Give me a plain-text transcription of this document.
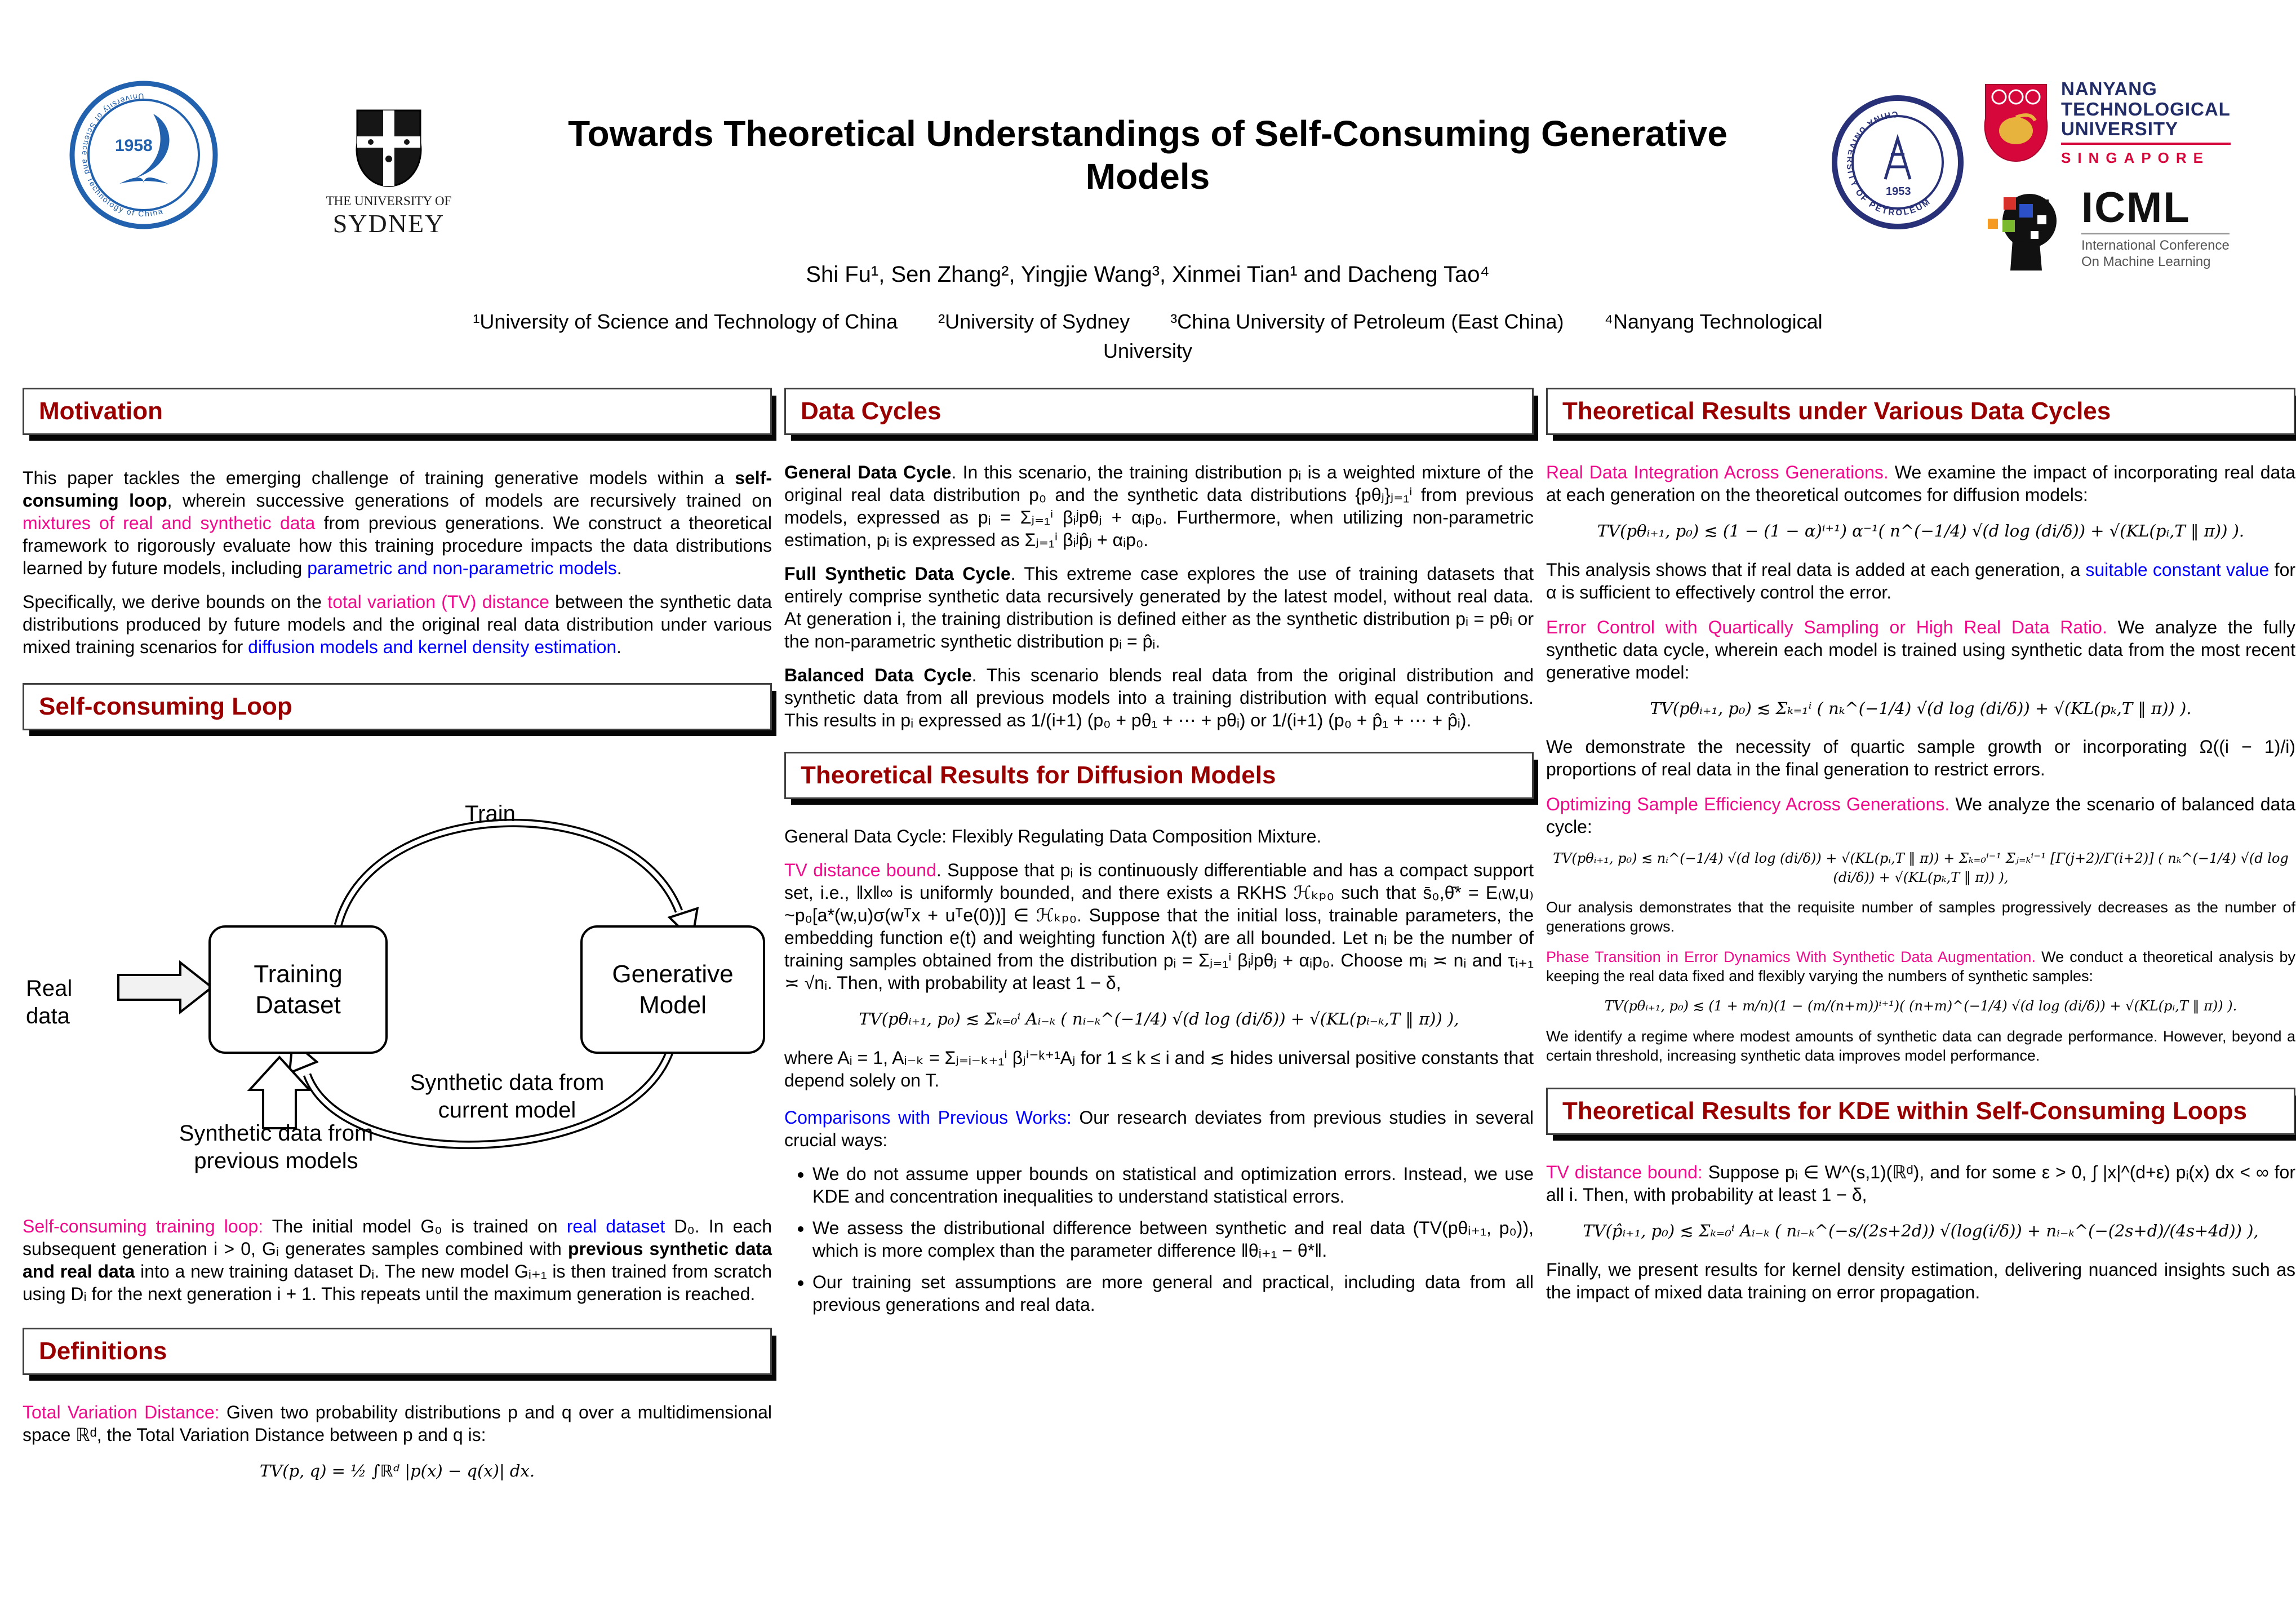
Towards Theoretical Understandings of Self-Consuming Generative Models
Shi Fu¹, Sen Zhang², Yingjie Wang³, Xinmei Tian¹ and Dacheng Tao⁴
¹University of Science and Technology of China  ²University of Sydney  ³China University of Petroleum (East China)  ⁴Nanyang Technological University
University of Science and Technology of China
1958
THE UNIVERSITY OF
SYDNEY
CHINA UNIVERSITY OF PETROLEUM
1953
NANYANG
TECHNOLOGICAL
UNIVERSITY
SINGAPORE
ICML
International Conference
On Machine Learning
Motivation

This paper tackles the emerging challenge of training generative models within a self-consuming loop, wherein successive generations of models are recursively trained on mixtures of real and synthetic data from previous generations. We construct a theoretical framework to rigorously evaluate how this training procedure impacts the data distributions learned by future models, including parametric and non-parametric models.

Specifically, we derive bounds on the total variation (TV) distance between the synthetic data distributions produced by future models and the original real data distribution under various mixed training scenarios for diffusion models and kernel density estimation.

Self-consuming Loop
Training
Dataset
Generative
Model
Train
Real data
Synthetic data from current model
Synthetic data from previous models

Self-consuming training loop: The initial model G₀ is trained on real dataset D₀. In each subsequent generation i > 0, Gᵢ generates samples combined with previous synthetic data and real data into a new training dataset Dᵢ. The new model Gᵢ₊₁ is then trained from scratch using Dᵢ for the next generation i + 1. This repeats until the maximum generation is reached.

Definitions

Total Variation Distance: Given two probability distributions p and q over a multidimensional space ℝᵈ, the Total Variation Distance between p and q is:

TV(p, q) = ½ ∫ℝᵈ |p(x) − q(x)| dx.
Data Cycles

General Data Cycle. In this scenario, the training distribution pᵢ is a weighted mixture of the original real data distribution p₀ and the synthetic data distributions {pθⱼ}ⱼ₌₁ⁱ from previous models, expressed as pᵢ = Σⱼ₌₁ⁱ βᵢʲpθⱼ + αᵢp₀. Furthermore, when utilizing non-parametric estimation, pᵢ is expressed as Σⱼ₌₁ⁱ βᵢʲp̂ⱼ + αᵢp₀.

Full Synthetic Data Cycle. This extreme case explores the use of training datasets that entirely comprise synthetic data recursively generated by the latest model, without real data. At generation i, the training distribution is defined either as the synthetic distribution pᵢ = pθᵢ or the non-parametric synthetic distribution pᵢ = p̂ᵢ.

Balanced Data Cycle. This scenario blends real data from the original distribution and synthetic data from all previous models into a training distribution with equal contributions. This results in pᵢ expressed as 1/(i+1) (p₀ + pθ₁ + ⋯ + pθᵢ) or 1/(i+1) (p₀ + p̂₁ + ⋯ + p̂ᵢ).

Theoretical Results for Diffusion Models

General Data Cycle: Flexibly Regulating Data Composition Mixture.

TV distance bound. Suppose that pᵢ is continuously differentiable and has a compact support set, i.e., ‖x‖∞ is uniformly bounded, and there exists a RKHS ℋₖₚ₀ such that s̄₀,θ̄* = E₍w,u₎~p₀[a*(w,u)σ(wᵀx + uᵀe(0))] ∈ ℋₖₚ₀. Suppose that the initial loss, trainable parameters, the embedding function e(t) and weighting function λ(t) are all bounded. Let nᵢ be the number of training samples obtained from the distribution pᵢ = Σⱼ₌₁ⁱ βᵢʲpθⱼ + αᵢp₀. Choose mᵢ ≍ nᵢ and τᵢ₊₁ ≍ √nᵢ. Then, with probability at least 1 − δ,

TV(pθᵢ₊₁, p₀) ≲ Σₖ₌₀ⁱ Aᵢ₋ₖ ( nᵢ₋ₖ^(−1/4) √(d log (di/δ)) + √(KL(pᵢ₋ₖ,T ‖ π)) ),

where Aᵢ = 1, Aᵢ₋ₖ = Σⱼ₌ᵢ₋ₖ₊₁ⁱ βⱼⁱ⁻ᵏ⁺¹Aⱼ for 1 ≤ k ≤ i and ≲ hides universal positive constants that depend solely on T.

Comparisons with Previous Works: Our research deviates from previous studies in several crucial ways:

• We do not assume upper bounds on statistical and optimization errors. Instead, we use KDE and concentration inequalities to understand statistical errors.
• We assess the distributional difference between synthetic and real data (TV(pθᵢ₊₁, p₀)), which is more complex than the parameter difference ‖θᵢ₊₁ − θ*‖.
• Our training set assumptions are more general and practical, including data from all previous generations and real data.
Theoretical Results under Various Data Cycles

Real Data Integration Across Generations. We examine the impact of incorporating real data at each generation on the theoretical outcomes for diffusion models:

TV(pθᵢ₊₁, p₀) ≲ (1 − (1 − α)ⁱ⁺¹) α⁻¹( n^(−1/4) √(d log (di/δ)) + √(KL(pᵢ,T ‖ π)) ).

This analysis shows that if real data is added at each generation, a suitable constant value for α is sufficient to effectively control the error.

Error Control with Quartically Sampling or High Real Data Ratio. We analyze the fully synthetic data cycle, wherein each model is trained using synthetic data from the most recent generative model:

TV(pθᵢ₊₁, p₀) ≲ Σₖ₌₁ⁱ ( nₖ^(−1/4) √(d log (di/δ)) + √(KL(pₖ,T ‖ π)) ).

We demonstrate the necessity of quartic sample growth or incorporating Ω((i − 1)/i) proportions of real data in the final generation to restrict errors.

Optimizing Sample Efficiency Across Generations. We analyze the scenario of balanced data cycle:

TV(pθᵢ₊₁, p₀) ≲ nᵢ^(−1/4) √(d log (di/δ)) + √(KL(pᵢ,T ‖ π)) + Σₖ₌₀ⁱ⁻¹ Σⱼ₌ₖⁱ⁻¹ [Γ(j+2)/Γ(i+2)] ( nₖ^(−1/4) √(d log (di/δ)) + √(KL(pₖ,T ‖ π)) ),

Our analysis demonstrates that the requisite number of samples progressively decreases as the number of generations grows.

Phase Transition in Error Dynamics With Synthetic Data Augmentation. We conduct a theoretical analysis by keeping the real data fixed and flexibly varying the numbers of synthetic samples:

TV(pθᵢ₊₁, p₀) ≲ (1 + m/n)(1 − (m/(n+m))ⁱ⁺¹)( (n+m)^(−1/4) √(d log (di/δ)) + √(KL(pᵢ,T ‖ π)) ).

We identify a regime where modest amounts of synthetic data can degrade performance. However, beyond a certain threshold, increasing synthetic data improves model performance.

Theoretical Results for KDE within Self-Consuming Loops

TV distance bound: Suppose pᵢ ∈ W^(s,1)(ℝᵈ), and for some ε > 0, ∫ |x|^(d+ε) pᵢ(x) dx < ∞ for all i. Then, with probability at least 1 − δ,

TV(p̂ᵢ₊₁, p₀) ≲ Σₖ₌₀ⁱ Aᵢ₋ₖ ( nᵢ₋ₖ^(−s/(2s+2d)) √(log(i/δ)) + nᵢ₋ₖ^(−(2s+d)/(4s+4d)) ),

Finally, we present results for kernel density estimation, delivering nuanced insights such as the impact of mixed data training on error propagation.
